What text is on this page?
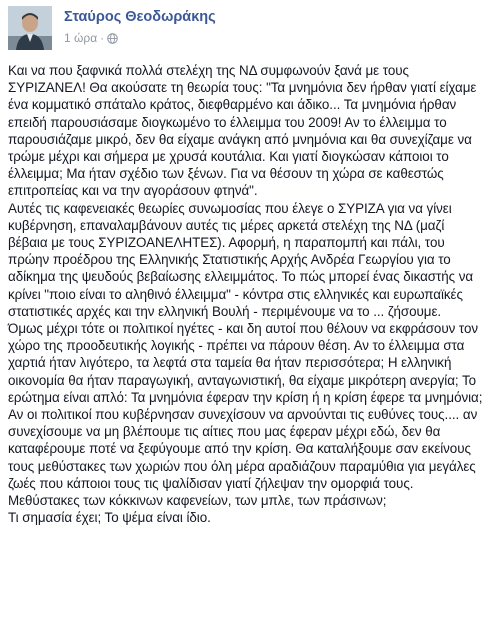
Σταύρος Θεοδωράκης
1 ώρα ·

Και να που ξαφνικά πολλά στελέχη της ΝΔ συμφωνούν ξανά με τους ΣΥΡΙΖΑΝΕΛ! Θα ακούσατε τη θεωρία τους: "Τα μνημόνια δεν ήρθαν γιατί είχαμε ένα κομματικό σπάταλο κράτος, διεφθαρμένο και άδικο... Τα μνημόνια ήρθαν επειδή παρουσιάσαμε διογκωμένο το έλλειμμα του 2009! Αν το έλλειμμα το παρουσιάζαμε μικρό, δεν θα είχαμε ανάγκη από μνημόνια και θα συνεχίζαμε να τρώμε μέχρι και σήμερα με χρυσά κουτάλια. Και γιατί διογκώσαν κάποιοι το έλλειμμα; Μα ήταν σχέδιο των ξένων. Για να θέσουν τη χώρα σε καθεστώς επιτροπείας και να την αγοράσουν φτηνά".

Αυτές τις καφενειακές θεωρίες συνωμοσίας που έλεγε ο ΣΥΡΙΖΑ για να γίνει κυβέρνηση, επαναλαμβάνουν αυτές τις μέρες αρκετά στελέχη της ΝΔ (μαζί βέβαια με τους ΣΥΡΙΖΟΑΝΕΛΗΤΕΣ). Αφορμή, η παραπομπή και πάλι, του πρώην προέδρου της Ελληνικής Στατιστικής Αρχής Ανδρέα Γεωργίου για το αδίκημα της ψευδούς βεβαίωσης ελλειμμάτος. Το πώς μπορεί ένας δικαστής να κρίνει "ποιο είναι το αληθινό έλλειμμα" - κόντρα στις ελληνικές και ευρωπαϊκές στατιστικές αρχές και την ελληνική Βουλή - περιμένουμε να το ... ζήσουμε.

Όμως μέχρι τότε οι πολιτικοί ηγέτες - και δη αυτοί που θέλουν να εκφράσουν τον χώρο της προοδευτικής λογικής - πρέπει να πάρουν θέση. Αν το έλλειμμα στα χαρτιά ήταν λιγότερο, τα λεφτά στα ταμεία θα ήταν περισσότερα; Η ελληνική οικονομία θα ήταν παραγωγική, ανταγωνιστική, θα είχαμε μικρότερη ανεργία; Το ερώτημα είναι απλό: Τα μνημόνια έφεραν την κρίση ή η κρίση έφερε τα μνημόνια; Αν οι πολιτικοί που κυβέρνησαν συνεχίσουν να αρνούνται τις ευθύνες τους.... αν συνεχίσουμε να μη βλέπουμε τις αίτιες που μας έφεραν μέχρι εδώ, δεν θα καταφέρουμε ποτέ να ξεφύγουμε από την κρίση. Θα καταλήξουμε σαν εκείνους τους μεθύστακες των χωριών που όλη μέρα αραδιάζουν παραμύθια για μεγάλες ζωές που κάποιοι τους τις ψαλίδισαν γιατί ζήλεψαν την ομορφιά τους. Μεθύστακες των κόκκινων καφενείων, των μπλε, των πράσινων;

Τι σημασία έχει; Το ψέμα είναι ίδιο.
